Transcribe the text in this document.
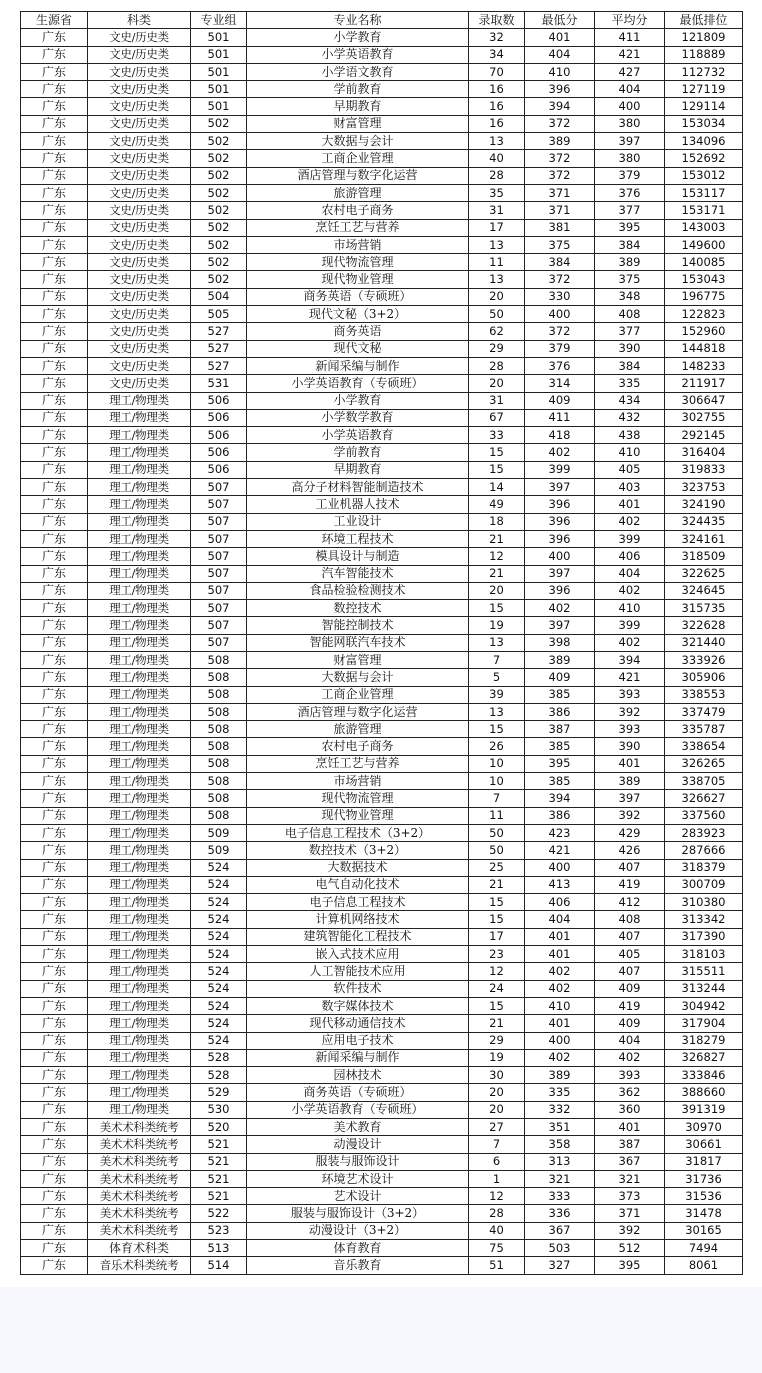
生源省	科类	专业组	专业名称	录取数	最低分	平均分	最低排位
广东	文史/历史类	501	小学教育	32	401	411	121809
广东	文史/历史类	501	小学英语教育	34	404	421	118889
广东	文史/历史类	501	小学语文教育	70	410	427	112732
广东	文史/历史类	501	学前教育	16	396	404	127119
广东	文史/历史类	501	早期教育	16	394	400	129114
广东	文史/历史类	502	财富管理	16	372	380	153034
广东	文史/历史类	502	大数据与会计	13	389	397	134096
广东	文史/历史类	502	工商企业管理	40	372	380	152692
广东	文史/历史类	502	酒店管理与数字化运营	28	372	379	153012
广东	文史/历史类	502	旅游管理	35	371	376	153117
广东	文史/历史类	502	农村电子商务	31	371	377	153171
广东	文史/历史类	502	烹饪工艺与营养	17	381	395	143003
广东	文史/历史类	502	市场营销	13	375	384	149600
广东	文史/历史类	502	现代物流管理	11	384	389	140085
广东	文史/历史类	502	现代物业管理	13	372	375	153043
广东	文史/历史类	504	商务英语（专硕班）	20	330	348	196775
广东	文史/历史类	505	现代文秘（3+2）	50	400	408	122823
广东	文史/历史类	527	商务英语	62	372	377	152960
广东	文史/历史类	527	现代文秘	29	379	390	144818
广东	文史/历史类	527	新闻采编与制作	28	376	384	148233
广东	文史/历史类	531	小学英语教育（专硕班）	20	314	335	211917
广东	理工/物理类	506	小学教育	31	409	434	306647
广东	理工/物理类	506	小学数学教育	67	411	432	302755
广东	理工/物理类	506	小学英语教育	33	418	438	292145
广东	理工/物理类	506	学前教育	15	402	410	316404
广东	理工/物理类	506	早期教育	15	399	405	319833
广东	理工/物理类	507	高分子材料智能制造技术	14	397	403	323753
广东	理工/物理类	507	工业机器人技术	49	396	401	324190
广东	理工/物理类	507	工业设计	18	396	402	324435
广东	理工/物理类	507	环境工程技术	21	396	399	324161
广东	理工/物理类	507	模具设计与制造	12	400	406	318509
广东	理工/物理类	507	汽车智能技术	21	397	404	322625
广东	理工/物理类	507	食品检验检测技术	20	396	402	324645
广东	理工/物理类	507	数控技术	15	402	410	315735
广东	理工/物理类	507	智能控制技术	19	397	399	322628
广东	理工/物理类	507	智能网联汽车技术	13	398	402	321440
广东	理工/物理类	508	财富管理	7	389	394	333926
广东	理工/物理类	508	大数据与会计	5	409	421	305906
广东	理工/物理类	508	工商企业管理	39	385	393	338553
广东	理工/物理类	508	酒店管理与数字化运营	13	386	392	337479
广东	理工/物理类	508	旅游管理	15	387	393	335787
广东	理工/物理类	508	农村电子商务	26	385	390	338654
广东	理工/物理类	508	烹饪工艺与营养	10	395	401	326265
广东	理工/物理类	508	市场营销	10	385	389	338705
广东	理工/物理类	508	现代物流管理	7	394	397	326627
广东	理工/物理类	508	现代物业管理	11	386	392	337560
广东	理工/物理类	509	电子信息工程技术（3+2）	50	423	429	283923
广东	理工/物理类	509	数控技术（3+2）	50	421	426	287666
广东	理工/物理类	524	大数据技术	25	400	407	318379
广东	理工/物理类	524	电气自动化技术	21	413	419	300709
广东	理工/物理类	524	电子信息工程技术	15	406	412	310380
广东	理工/物理类	524	计算机网络技术	15	404	408	313342
广东	理工/物理类	524	建筑智能化工程技术	17	401	407	317390
广东	理工/物理类	524	嵌入式技术应用	23	401	405	318103
广东	理工/物理类	524	人工智能技术应用	12	402	407	315511
广东	理工/物理类	524	软件技术	24	402	409	313244
广东	理工/物理类	524	数字媒体技术	15	410	419	304942
广东	理工/物理类	524	现代移动通信技术	21	401	409	317904
广东	理工/物理类	524	应用电子技术	29	400	404	318279
广东	理工/物理类	528	新闻采编与制作	19	402	402	326827
广东	理工/物理类	528	园林技术	30	389	393	333846
广东	理工/物理类	529	商务英语（专硕班）	20	335	362	388660
广东	理工/物理类	530	小学英语教育（专硕班）	20	332	360	391319
广东	美术术科类统考	520	美术教育	27	351	401	30970
广东	美术术科类统考	521	动漫设计	7	358	387	30661
广东	美术术科类统考	521	服装与服饰设计	6	313	367	31817
广东	美术术科类统考	521	环境艺术设计	1	321	321	31736
广东	美术术科类统考	521	艺术设计	12	333	373	31536
广东	美术术科类统考	522	服装与服饰设计（3+2）	28	336	371	31478
广东	美术术科类统考	523	动漫设计（3+2）	40	367	392	30165
广东	体育术科类	513	体育教育	75	503	512	7494
广东	音乐术科类统考	514	音乐教育	51	327	395	8061
